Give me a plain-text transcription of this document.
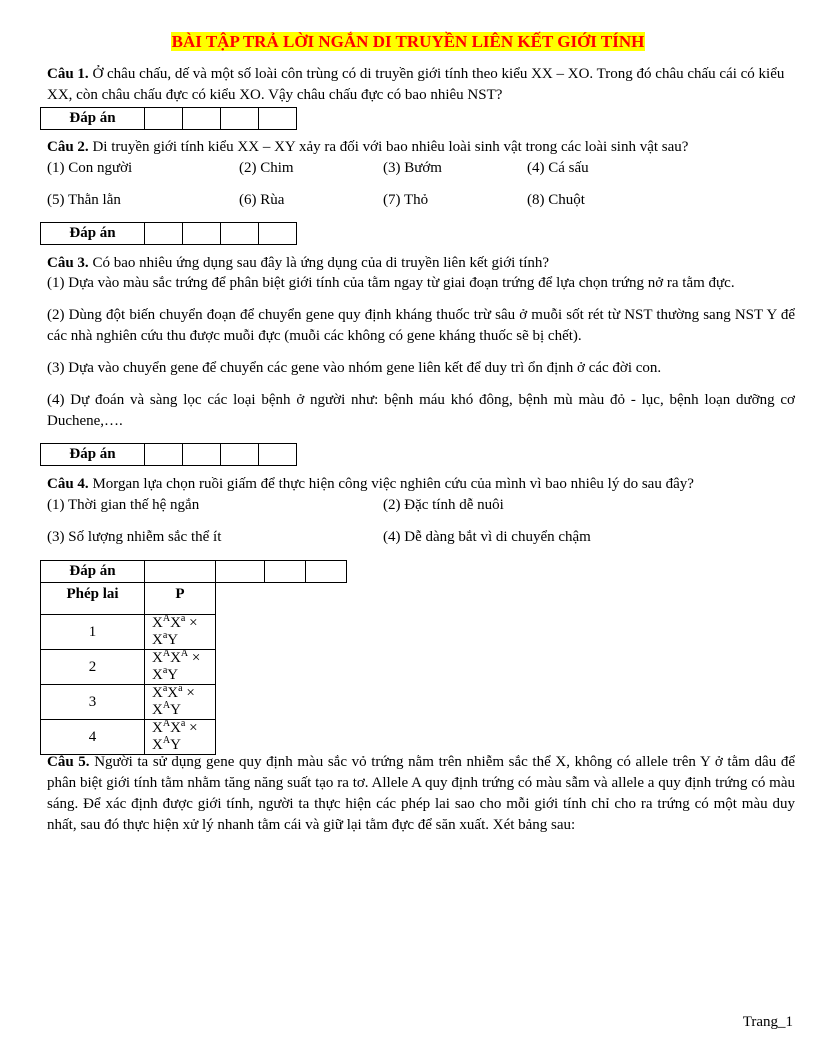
BÀI TẬP TRẢ LỜI NGẮN DI TRUYỀN LIÊN KẾT GIỚI TÍNH
Câu 1. Ở châu chấu, dế và một số loài côn trùng có di truyền giới tính theo kiểu XX – XO. Trong đó châu chấu cái có kiểu XX, còn châu chấu đực có kiểu XO. Vậy châu chấu đực có bao nhiêu NST?
Đáp án				
Câu 2. Di truyền giới tính kiểu XX – XY xảy ra đối với bao nhiêu loài sinh vật trong các loài sinh vật sau?
(1) Con người	(2) Chim	(3) Bướm	(4) Cá sấu
(5) Thằn lằn	(6) Rùa	(7) Thỏ	(8) Chuột
Đáp án				
Câu 3. Có bao nhiêu ứng dụng sau đây là ứng dụng của di truyền liên kết giới tính?
(1) Dựa vào màu sắc trứng để phân biệt giới tính của tằm ngay từ giai đoạn trứng để lựa chọn trứng nở ra tằm đực.
(2) Dùng đột biến chuyển đoạn để chuyển gene quy định kháng thuốc trừ sâu ở muỗi sốt rét từ NST thường sang NST Y để các nhà nghiên cứu thu được muỗi đực (muỗi các không có gene kháng thuốc sẽ bị chết).
(3) Dựa vào chuyển gene để chuyển các gene vào nhóm gene liên kết để duy trì ổn định ở các đời con.
(4) Dự đoán và sàng lọc các loại bệnh ở người như: bệnh máu khó đông, bệnh mù màu đỏ - lục, bệnh loạn dưỡng cơ Duchene,….
Đáp án				
Câu 4. Morgan lựa chọn ruồi giấm để thực hiện công việc nghiên cứu của mình vì bao nhiêu lý do sau đây?
(1) Thời gian thế hệ ngắn	(2) Đặc tính dễ nuôi
(3) Số lượng nhiễm sắc thể ít	(4) Dễ dàng bắt vì di chuyển chậm
Đáp án				
Phép lai	P			
1	$X^AX^a \times X^aY$			
2	$X^AX^A \times X^aY$			
3	$X^aX^a \times X^AY$			
4	$X^AX^a \times X^AY$			
Câu 5. Người ta sử dụng gene quy định màu sắc vỏ trứng nằm trên nhiễm sắc thể X, không có allele trên Y ở tằm dâu để phân biệt giới tính tằm nhằm tăng năng suất tạo ra tơ. Allele A quy định trứng có màu sẫm và allele a quy định trứng có màu sáng. Để xác định được giới tính, người ta thực hiện các phép lai sao cho mỗi giới tính chỉ cho ra trứng có một màu duy nhất, sau đó thực hiện xử lý nhanh tằm cái và giữ lại tằm đực để săn xuất. Xét bảng sau:
Trang_1
